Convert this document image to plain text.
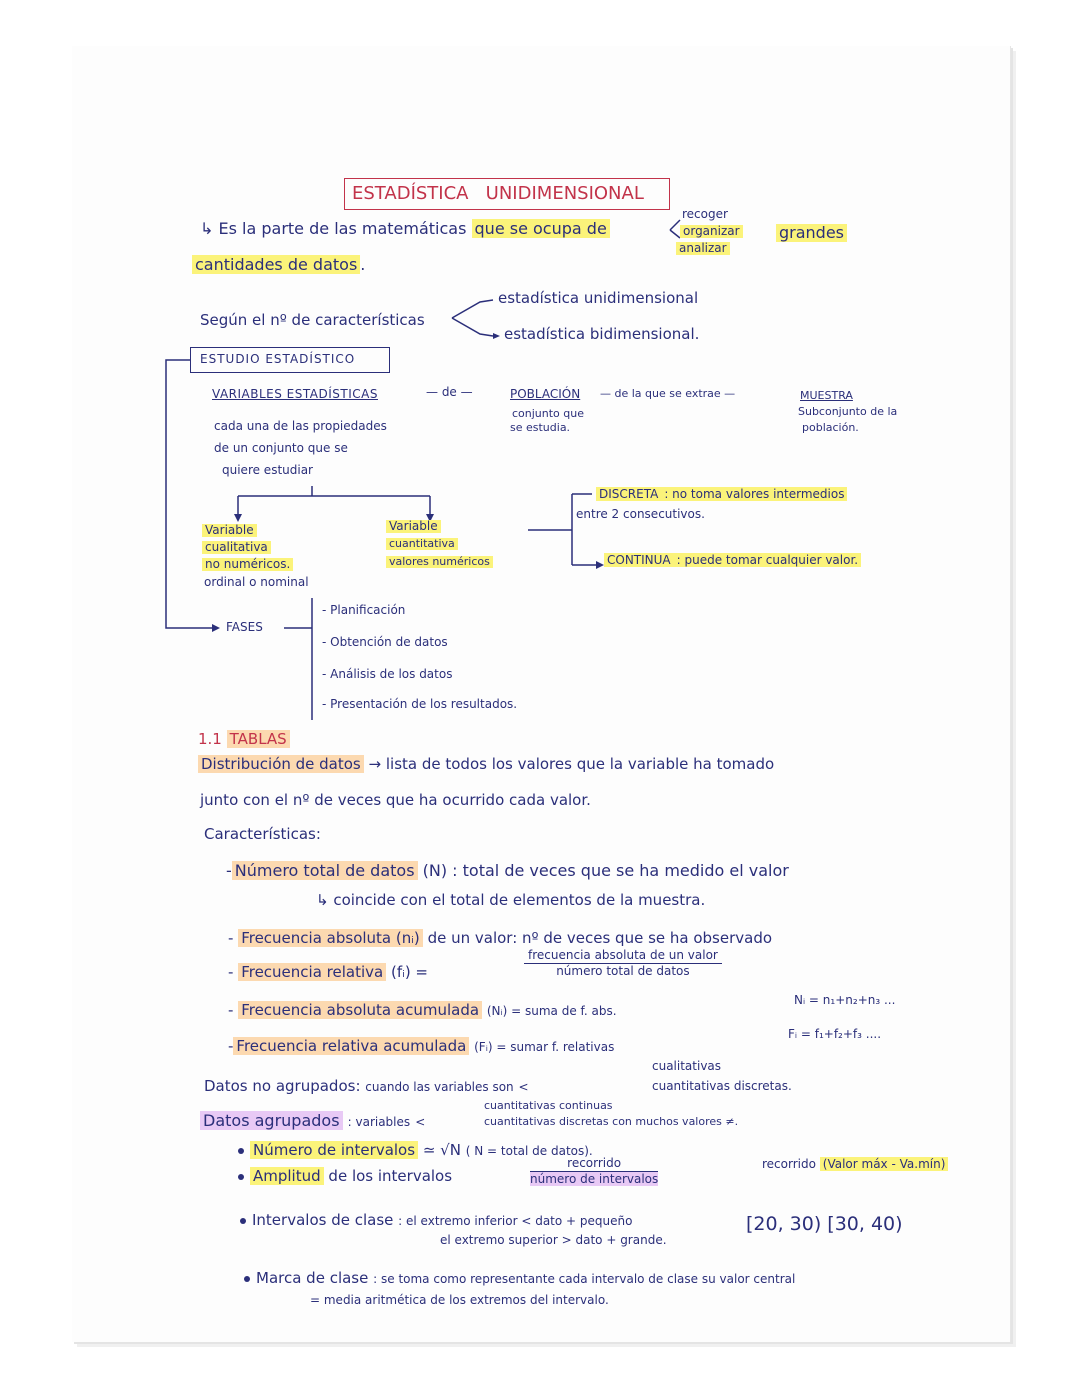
ESTADÍSTICA UNIDIMENSIONAL
↳ Es la parte de las matemáticas que se ocupa de
recoger
organizar
analizar
grandes
cantidades de datos .
Según el nº de características
estadística unidimensional
estadística bidimensional.
ESTUDIO ESTADÍSTICO
VARIABLES ESTADÍSTICAS	— de —
cada una de las propiedades
de un conjunto que se
quiere estudiar
POBLACIÓN
conjunto que
se estudia.
— de la que se extrae —	MUESTRA
Subconjunto de la
población.
Variable
cualitativa
no numéricos.
ordinal o nominal
Variable
cuantitativa
valores numéricos
DISCRETA : no toma valores intermedios
entre 2 consecutivos.
CONTINUA : puede tomar cualquier valor.
FASES
- Planificación
- Obtención de datos
- Análisis de los datos
- Presentación de los resultados.
1.1 TABLAS
Distribución de datos → lista de todos los valores que la variable ha tomado
junto con el nº de veces que ha ocurrido cada valor.
Características:
- Número total de datos (N) : total de veces que se ha medido el valor
↳ coincide con el total de elementos de la muestra.
- Frecuencia absoluta (nᵢ) de un valor: nº de veces que se ha observado
- Frecuencia relativa (fᵢ) =
frecuencia absoluta de un valor
número total de datos
- Frecuencia absoluta acumulada (Nᵢ) = suma de f. abs.
Nᵢ = n₁+n₂+n₃ ...
- Frecuencia relativa acumulada (Fᵢ) = sumar f. relativas
Fᵢ = f₁+f₂+f₃ ....
Datos no agrupados: cuando las variables son <
cualitativas
cuantitativas discretas.
Datos agrupados : variables <
cuantitativas continuas
cuantitativas discretas con muchos valores ≠.
Número de intervalos ≃ √N ( N = total de datos).
Amplitud de los intervalos
recorrido
número de intervalos
recorrido (Valor máx - Va.mín)
Intervalos de clase : el extremo inferior < dato + pequeño
el extremo superior > dato + grande.
[20, 30) [30, 40)
Marca de clase : se toma como representante cada intervalo de clase su valor central
= media aritmética de los extremos del intervalo.
